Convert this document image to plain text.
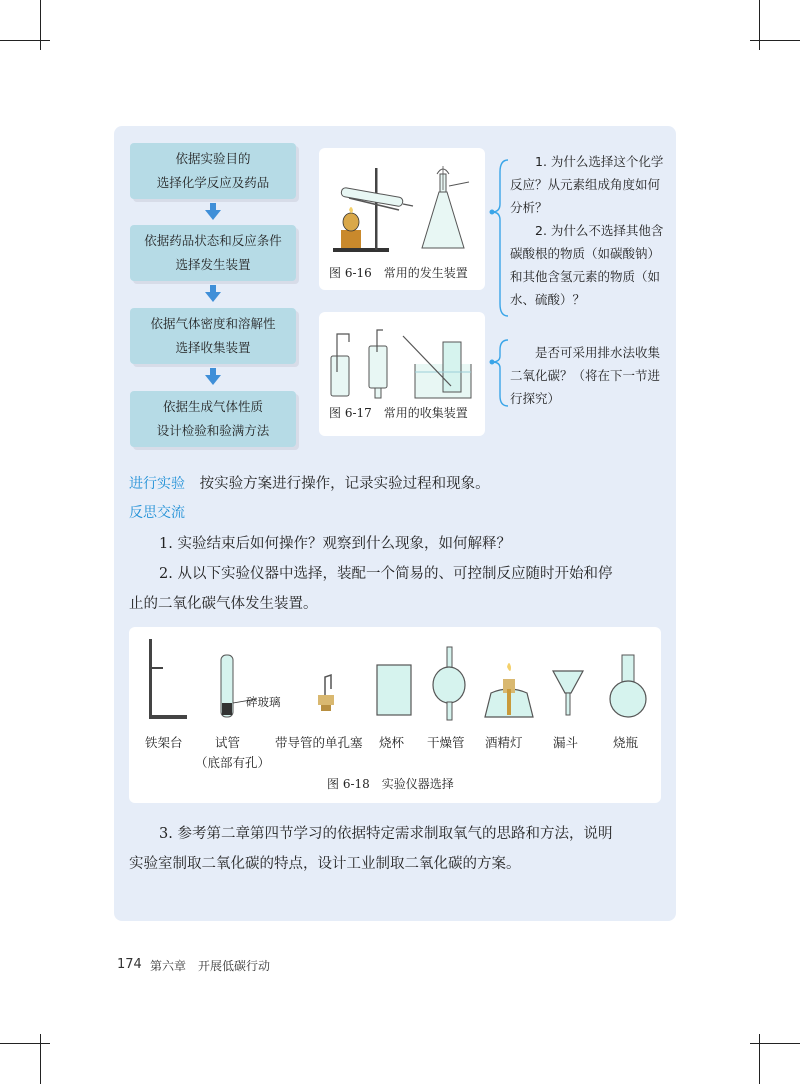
依据实验目的
选择化学反应及药品
依据药品状态和反应条件
选择发生装置
依据气体密度和溶解性
选择收集装置
依据生成气体性质
设计检验和验满方法
图 6-16　常用的发生装置
图 6-17　常用的收集装置

1. 为什么选择这个化学反应？从元素组成角度如何分析？

2. 为什么不选择其他含碳酸根的物质（如碳酸钠）和其他含氢元素的物质（如水、硫酸）？

是否可采用排水法收集二氧化碳？（将在下一节进行探究）

进行实验 按实验方案进行操作，记录实验过程和现象。
反思交流
1. 实验结束后如何操作？观察到什么现象，如何解释？
2. 从以下实验仪器中选择，装配一个简易的、可控制反应随时开始和停
止的二氧化碳气体发生装置。
碎玻璃
铁架台	试管
（底部有孔）
带导管的单孔塞 烧杯 干燥管 酒精灯 漏斗	烧瓶
图 6-18　实验仪器选择
3. 参考第二章第四节学习的依据特定需求制取氧气的思路和方法，说明
实验室制取二氧化碳的特点，设计工业制取二氧化碳的方案。
174 第六章　开展低碳行动
